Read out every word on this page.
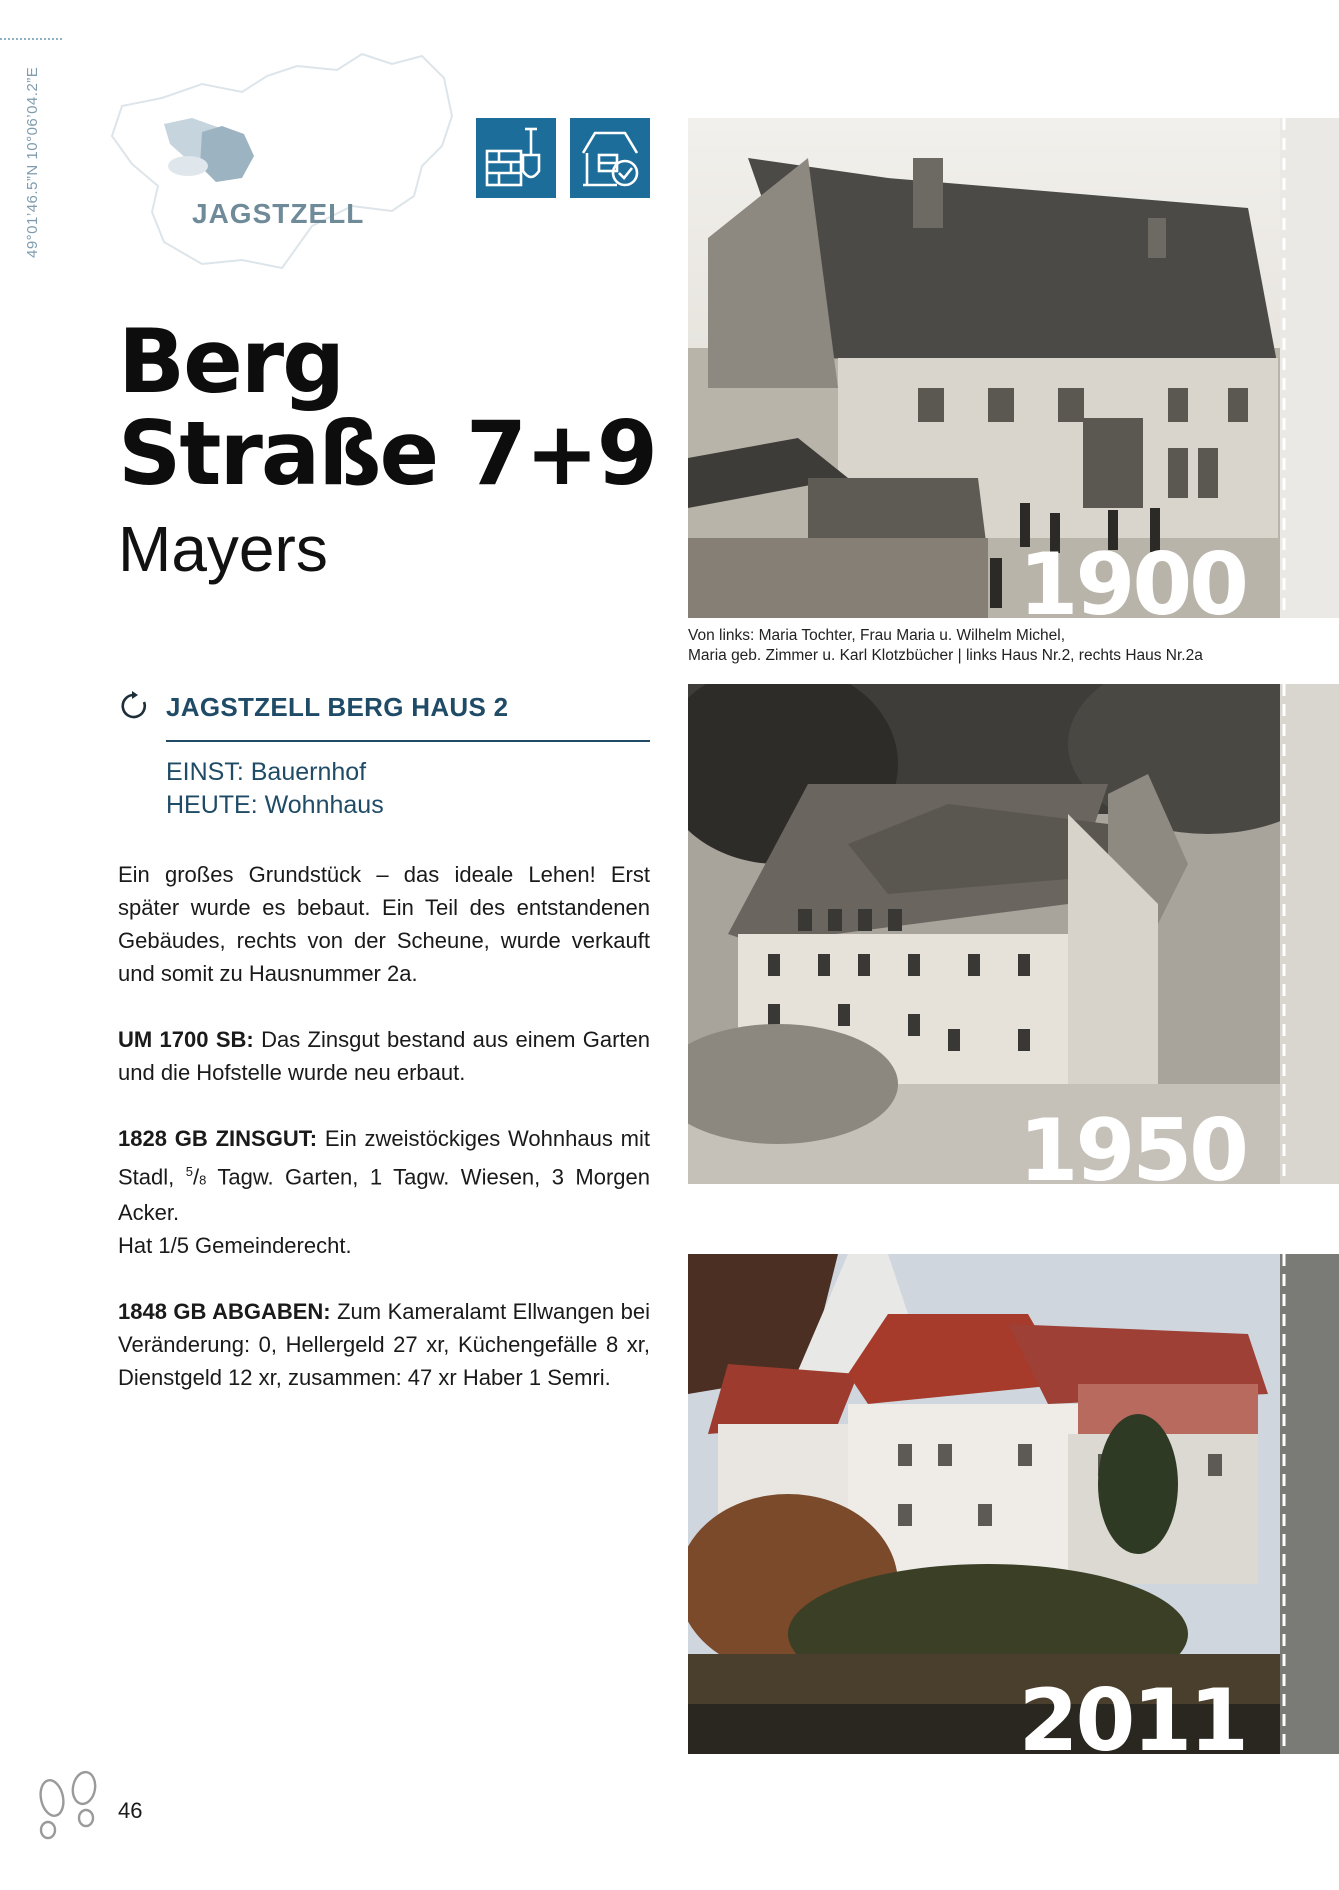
49°01’46.5”N 10°06’04.2”E	JAGSTZELL
Berg
Straße 7+9
Mayers
JAGSTZELL BERG HAUS 2
EINST: Bauernhof
HEUTE: Wohnhaus

Ein großes Grundstück – das ideale Lehen! Erst später wurde es bebaut. Ein Teil des entstandenen Gebäudes, rechts von der Scheune, wurde verkauft und somit zu Hausnummer 2a.

UM 1700 SB: Das Zinsgut bestand aus einem Garten und die Hofstelle wurde neu erbaut.

1828 GB ZINSGUT: Ein zweistöckiges Wohnhaus mit Stadl, $^5$/8 Tagw. Garten, 1 Tagw. Wiesen, 3 Morgen Acker.

Hat 1/5 Gemeinderecht.

1848 GB ABGABEN: Zum Kameralamt Ellwangen bei Veränderung: 0, Hellergeld 27 xr, Küchengefälle 8 xr, Dienstgeld 12 xr, zusammen: 47 xr Haber 1 Semri.

1900
Von links: Maria Tochter, Frau Maria u. Wilhelm Michel,
Maria geb. Zimmer u. Karl Klotzbücher | links Haus Nr.2, rechts Haus Nr.2a
1950
2011
46
